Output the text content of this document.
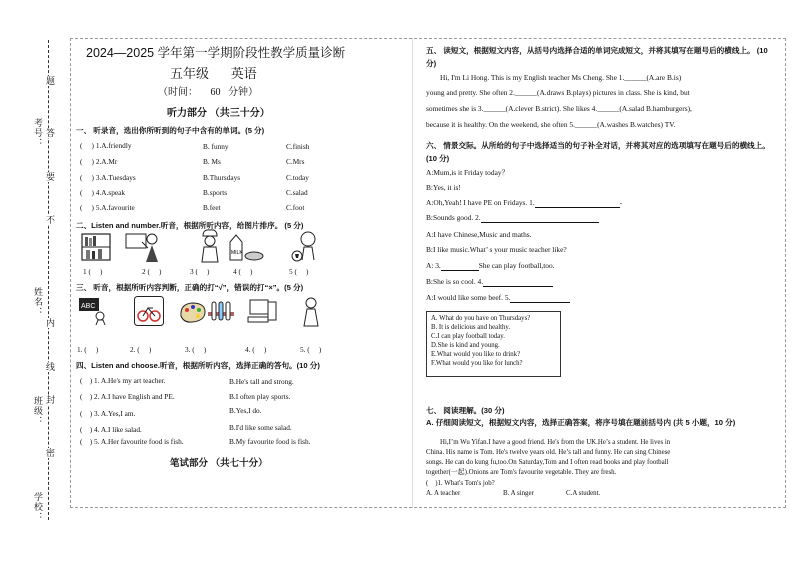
学校：
班级：
姓名：
考号：
密
封
线
内
不
要
答
题
2024—2025 学年第一学期阶段性教学质量诊断
五年级 英语
（时间： 60 分钟）
听力部分 （共三十分）
一、 听录音，选出你所听到的句子中含有的单词。(5 分)
(     ) 1.A.friendly	B. funny	C.finish
(     ) 2.A.Mr	B. Ms	C.Mrs
(     ) 3.A.Tuesdays	B.Thursdays	C.today
(     ) 4.A.speak	B.sports	C.salad
(     ) 5.A.favourite	B.feet	C.foot
二、Listen and number.听音，根据所听内容，给图片排序。 (5 分)
MILK
1 (     )	2 (     )	3 (     )	4 (     )	5 (     )
三、 听音，根据所听内容判断，正确的打“√”，错误的打“×”。(5 分)
ABC
1. (     )	2. (     )	3. (     )	4. (     )	5. (     )
四、Listen and choose.听音，根据所听内容，选择正确的答句。(10 分)
(    ) 1. A.He's my art teacher.	B.He's tall and strong.
(    ) 2. A.I have English and PE.	B.I often play sports.
(    ) 3. A.Yes,I am.	B.Yes,I do.
(    ) 4. A.I like salad.	B.I'd like some salad.
(    ) 5. A.Her favourite food is fish.	B.My favourite food is fish.
笔试部分 （共七十分）
五、 读短文，根据短文内容，从括号内选择合适的单词完成短文，并将其填写在题号后的横线上。 (10 分)
Hi, I'm Li Hong. This is my English teacher Ms Cheng. She 1.______(A.are B.is)
young and pretty. She often 2.______(A.draws B.plays) pictures in class. She is kind, but
sometimes she is 3.______(A.clever B.strict). She likes 4.______(A.salad B.hamburgers),
because it is healthy. On the weekend, she often 5.______(A.washes B.watches) TV.
六、 情景交际。从所给的句子中选择适当的句子补全对话，并将其对应的选项填写在题号后的横线上。 (10 分)
A:Mum,is it Friday today？
B:Yes, it is!
A:Oh,Yeah! I have PE on Fridays. 1.	-
B:Sounds good. 2.
A:I have Chinese,Music and maths.
B:I like music.What’ s your music teacher like?
A: 3.	She can play football,too.
B:She is so cool. 4.
A:I would like some beef. 5.
A. What do you have on Thursdays?
B. It is delicious and healthy.
C.I can play football today.
D.She is kind and young.
E.What would you like to drink?
F.What would you like for lunch?
七、 阅读理解。(30 分)
A. 仔细阅读短文，根据短文内容，选择正确答案，将序号填在题前括号内 (共 5 小题，10 分)
Hi,I’m Wu Yifan.I have a good friend. He's from the UK.He’s a student. He lives in
China. His name is Tom. He's twelve years old. He’s tall and funny. He can sing Chinese
songs. He can do kung fu,too.On Saturday,Tom and I often read books and play football
together(一起).Onions are Tom's favourite vegetable. They are fresh.
( )1. What's Tom's job?
A. A teacher	B. A singer	C.A student.
